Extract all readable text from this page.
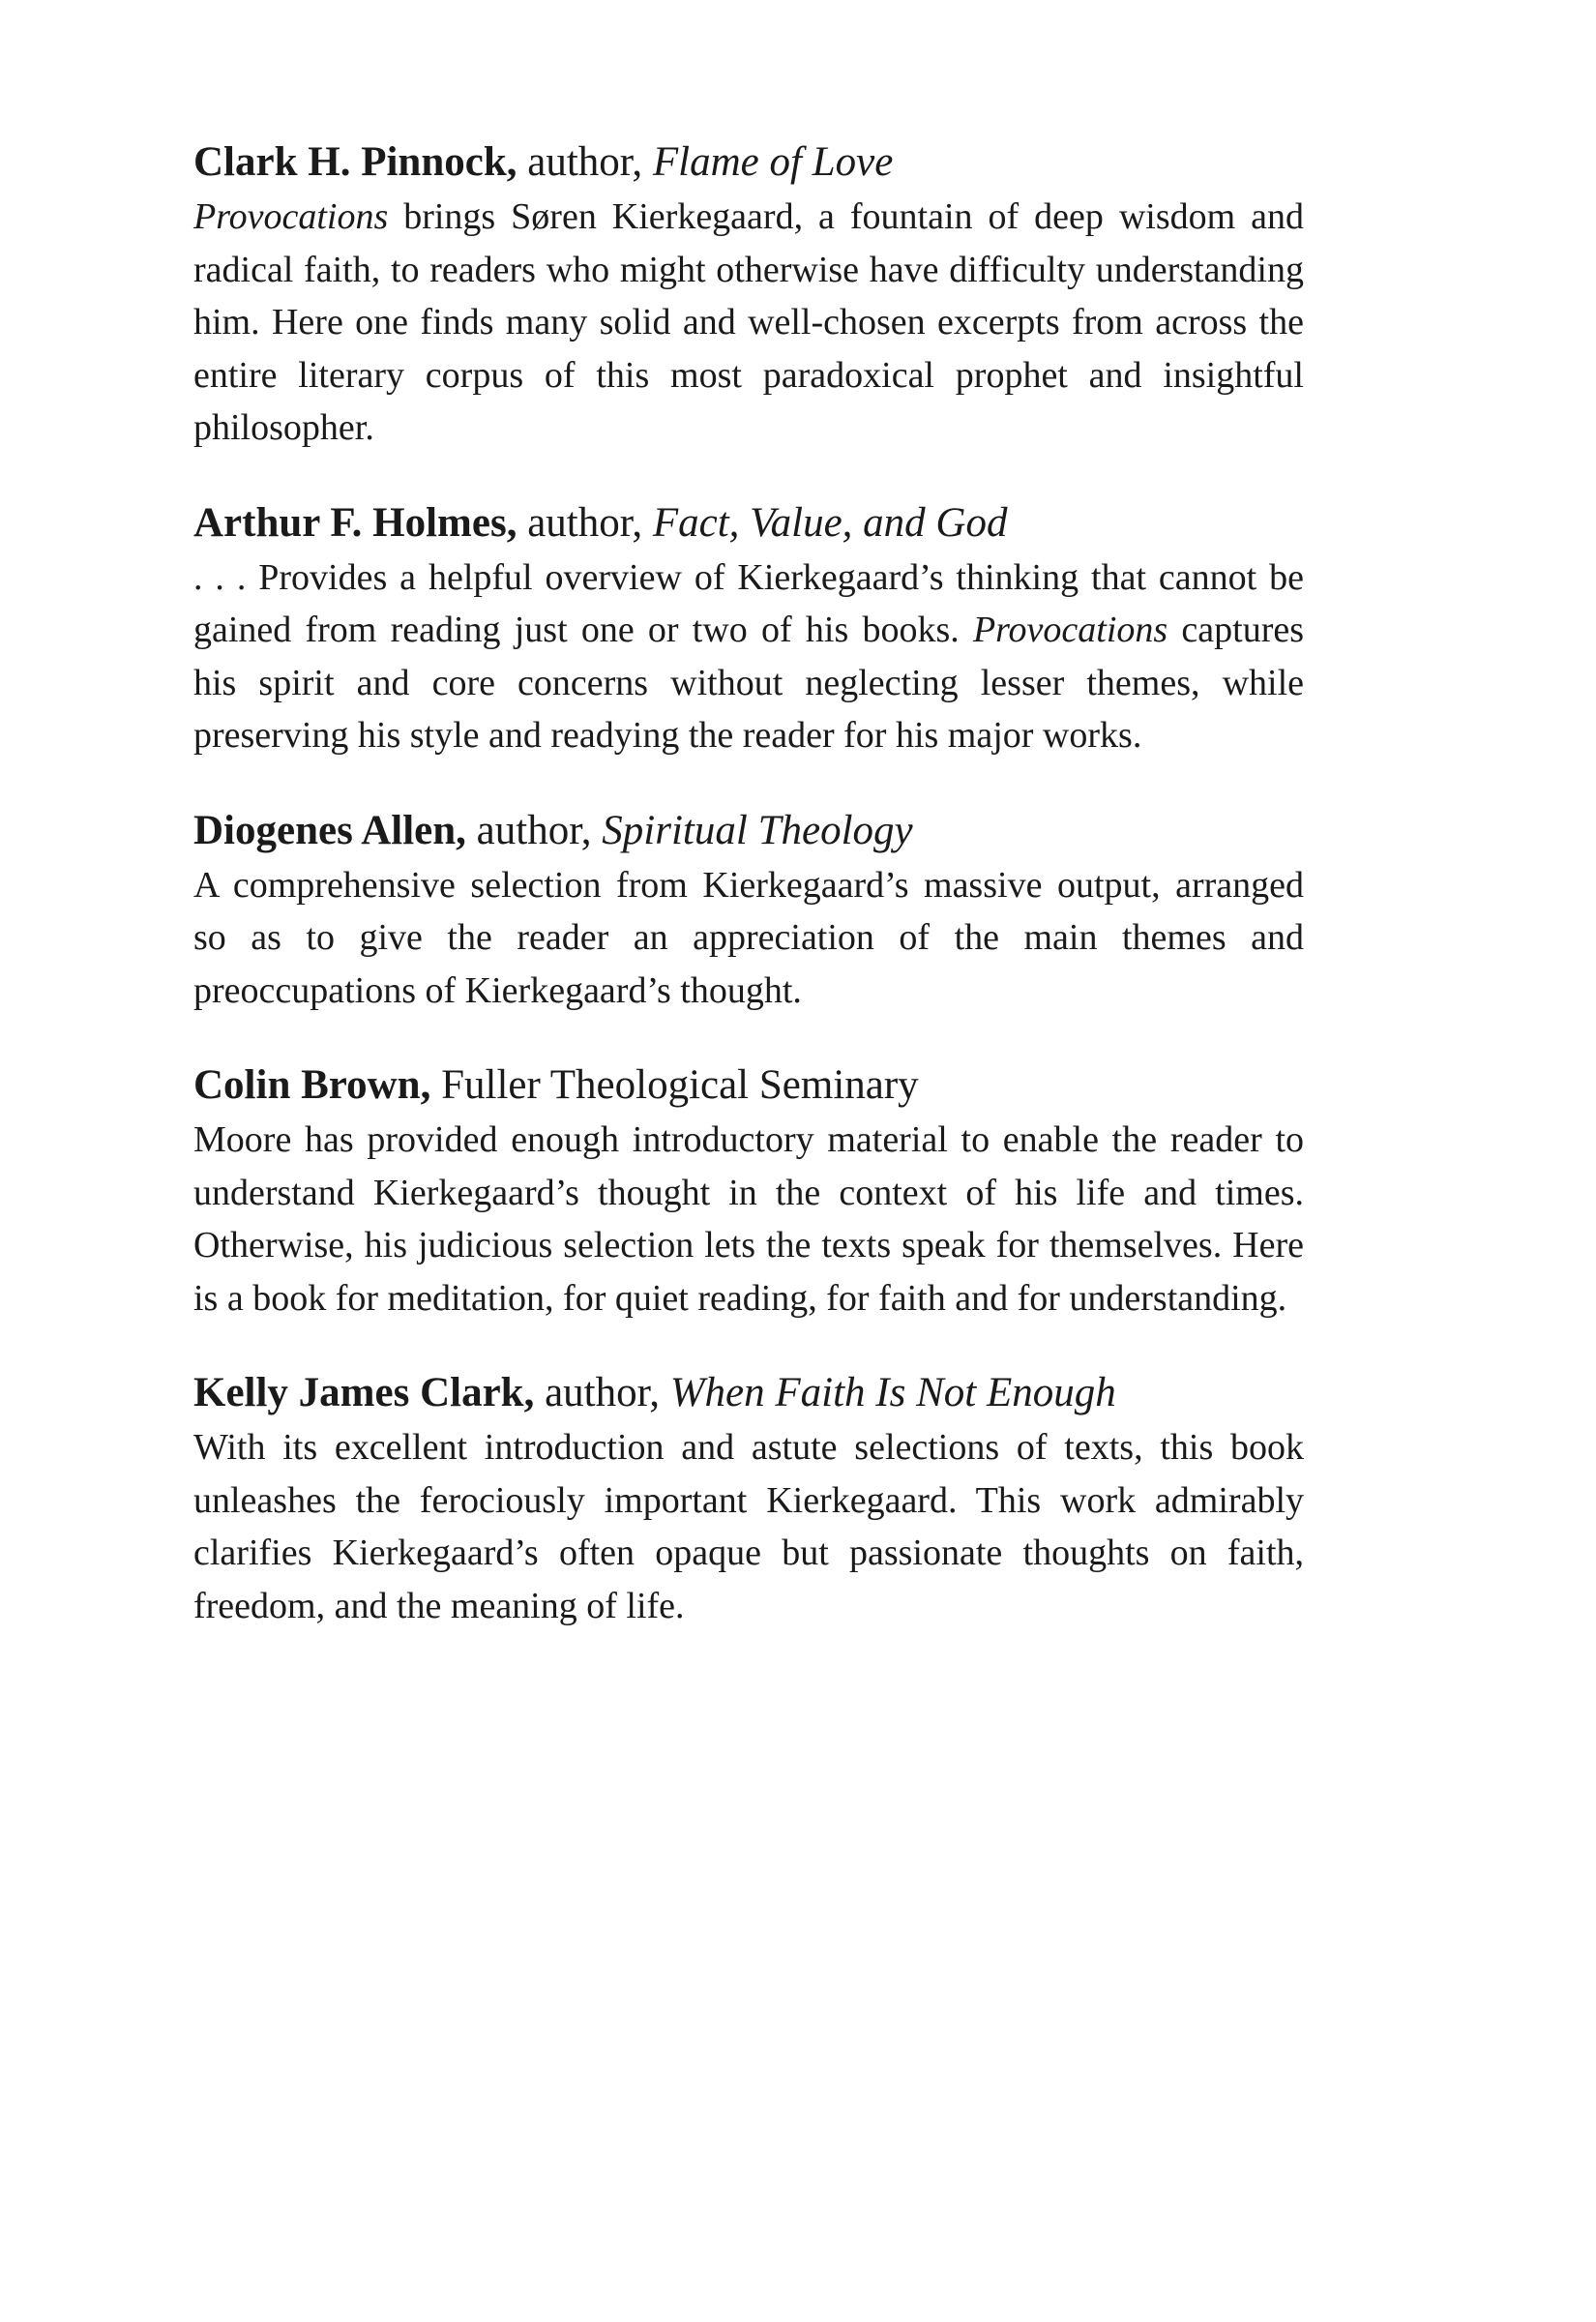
Clark H. Pinnock, author, Flame of Love

Provocations brings Søren Kierkegaard, a fountain of deep wisdom and radical faith, to readers who might otherwise have difficulty understanding him. Here one finds many solid and well-chosen excerpts from across the entire literary corpus of this most paradoxical prophet and insightful philosopher.

Arthur F. Holmes, author, Fact, Value, and God

. . . Provides a helpful overview of Kierkegaard’s thinking that cannot be gained from reading just one or two of his books. Provocations captures his spirit and core concerns without neglecting lesser themes, while preserving his style and readying the reader for his major works.

Diogenes Allen, author, Spiritual Theology

A comprehensive selection from Kierkegaard’s massive output, arranged so as to give the reader an appreciation of the main themes and preoccupations of Kierkegaard’s thought.

Colin Brown, Fuller Theological Seminary

Moore has provided enough introductory material to enable the reader to understand Kierkegaard’s thought in the context of his life and times. Otherwise, his judicious selection lets the texts speak for themselves. Here is a book for meditation, for quiet reading, for faith and for understanding.

Kelly James Clark, author, When Faith Is Not Enough

With its excellent introduction and astute selections of texts, this book unleashes the ferociously important Kierkegaard. This work admirably clarifies Kierkegaard’s often opaque but passionate thoughts on faith, freedom, and the meaning of life.
